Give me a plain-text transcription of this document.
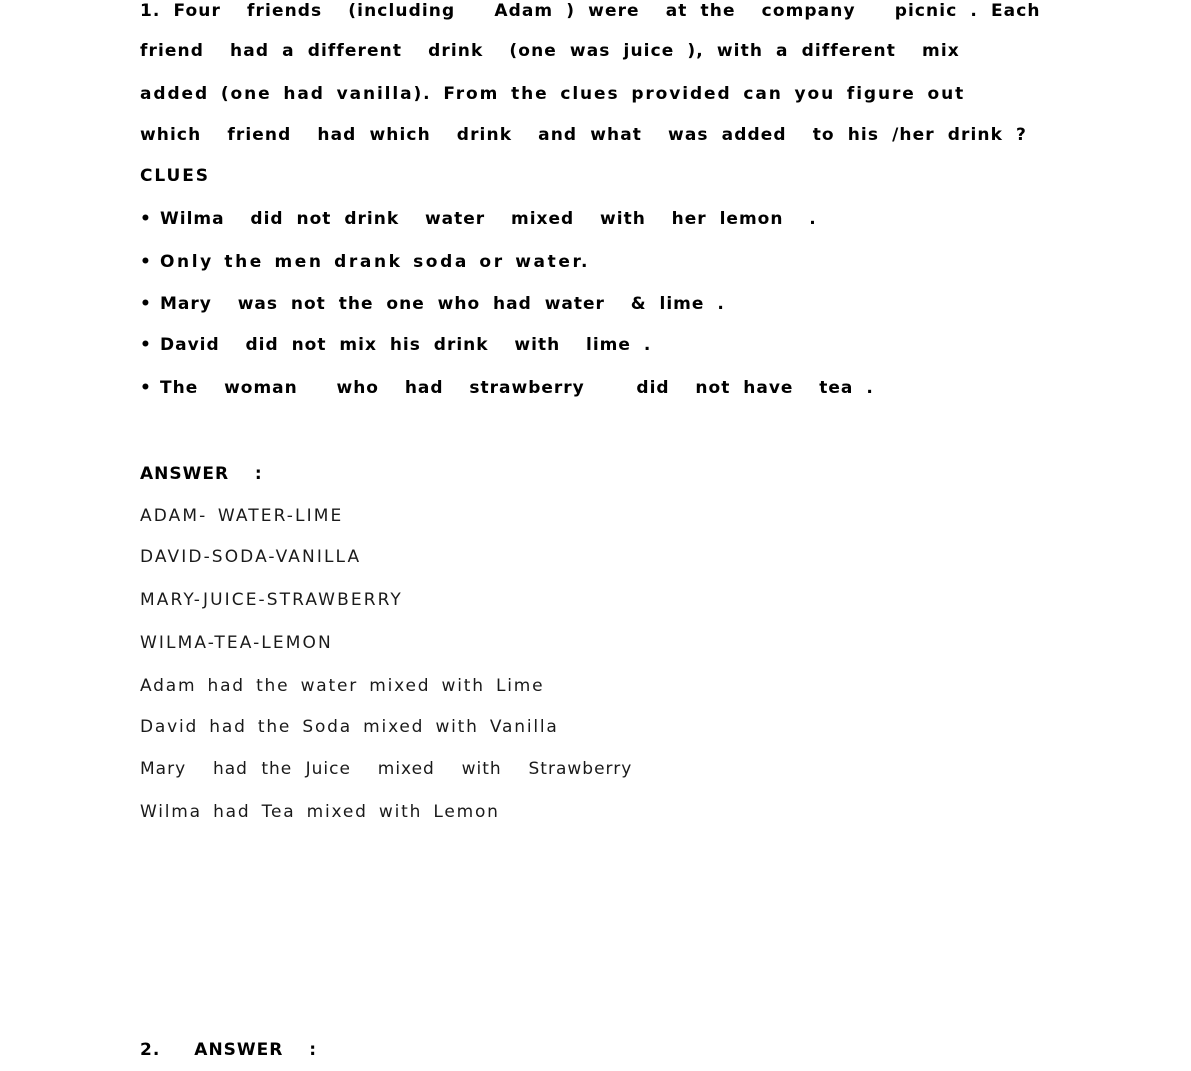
1. Four  friends  (including   Adam ) were  at the  company   picnic . Each
friend  had a different  drink  (one was juice ), with a different  mix
added (one had vanilla). From the clues provided can you figure out
which  friend  had which  drink  and what  was added  to his /her drink ?
CLUES
• Wilma  did not drink  water  mixed  with  her lemon  .
• Only the men drank soda or water.
• Mary  was not the one who had water  & lime .
• David  did not mix his drink  with  lime .
• The  woman   who  had  strawberry    did  not have  tea .
ANSWER  :
ADAM- WATER-LIME
DAVID-SODA-VANILLA
MARY-JUICE-STRAWBERRY
WILMA-TEA-LEMON
Adam had the water mixed with Lime
David had the Soda mixed with Vanilla
Mary  had the Juice  mixed  with  Strawberry
Wilma had Tea mixed with Lemon
2. ANSWER  :
